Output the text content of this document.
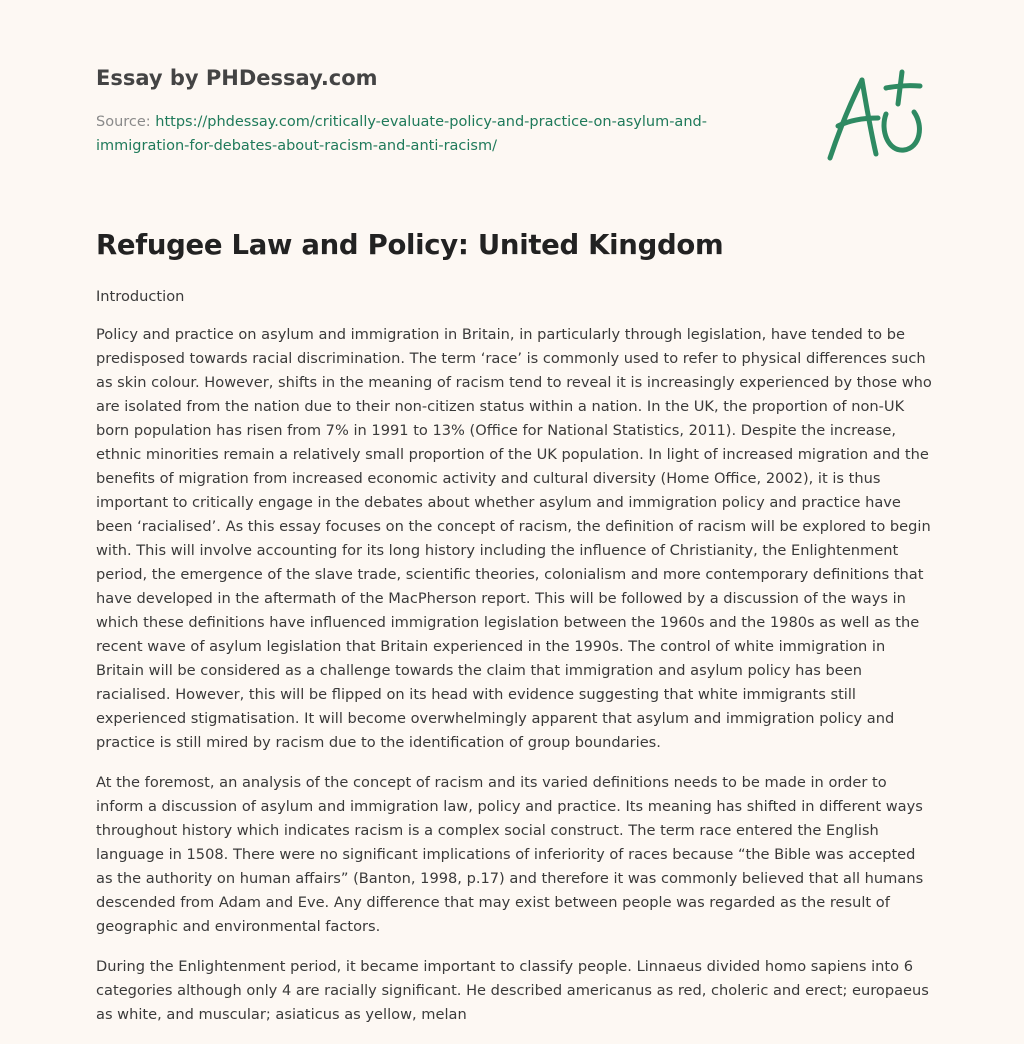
Essay by PHDessay.com
Source: https://phdessay.com/critically-evaluate-policy-and-practice-on-asylum-and-immigration-for-debates-about-racism-and-anti-racism/
Refugee Law and Policy: United Kingdom

Introduction

Policy and practice on asylum and immigration in Britain, in particularly through legislation, have tended to be predisposed towards racial discrimination. The term ‘race’ is commonly used to refer to physical differences such as skin colour. However, shifts in the meaning of racism tend to reveal it is increasingly experienced by those who are isolated from the nation due to their non-citizen status within a nation. In the UK, the proportion of non-UK born population has risen from 7% in 1991 to 13% (Office for National Statistics, 2011). Despite the increase, ethnic minorities remain a relatively small proportion of the UK population. In light of increased migration and the benefits of migration from increased economic activity and cultural diversity (Home Office, 2002), it is thus important to critically engage in the debates about whether asylum and immigration policy and practice have been ‘racialised’. As this essay focuses on the concept of racism, the definition of racism will be explored to begin with. This will involve accounting for its long history including the influence of Christianity, the Enlightenment period, the emergence of the slave trade, scientific theories, colonialism and more contemporary definitions that have developed in the aftermath of the MacPherson report. This will be followed by a discussion of the ways in which these definitions have influenced immigration legislation between the 1960s and the 1980s as well as the recent wave of asylum legislation that Britain experienced in the 1990s. The control of white immigration in Britain will be considered as a challenge towards the claim that immigration and asylum policy has been racialised. However, this will be flipped on its head with evidence suggesting that white immigrants still experienced stigmatisation. It will become overwhelmingly apparent that asylum and immigration policy and practice is still mired by racism due to the identification of group boundaries.

At the foremost, an analysis of the concept of racism and its varied definitions needs to be made in order to inform a discussion of asylum and immigration law, policy and practice. Its meaning has shifted in different ways throughout history which indicates racism is a complex social construct. The term race entered the English language in 1508. There were no significant implications of inferiority of races because “the Bible was accepted as the authority on human affairs” (Banton, 1998, p.17) and therefore it was commonly believed that all humans descended from Adam and Eve. Any difference that may exist between people was regarded as the result of geographic and environmental factors.

During the Enlightenment period, it became important to classify people. Linnaeus divided homo sapiens into 6 categories although only 4 are racially significant. He described americanus as red, choleric and erect; europaeus as white, and muscular; asiaticus as yellow, melan
